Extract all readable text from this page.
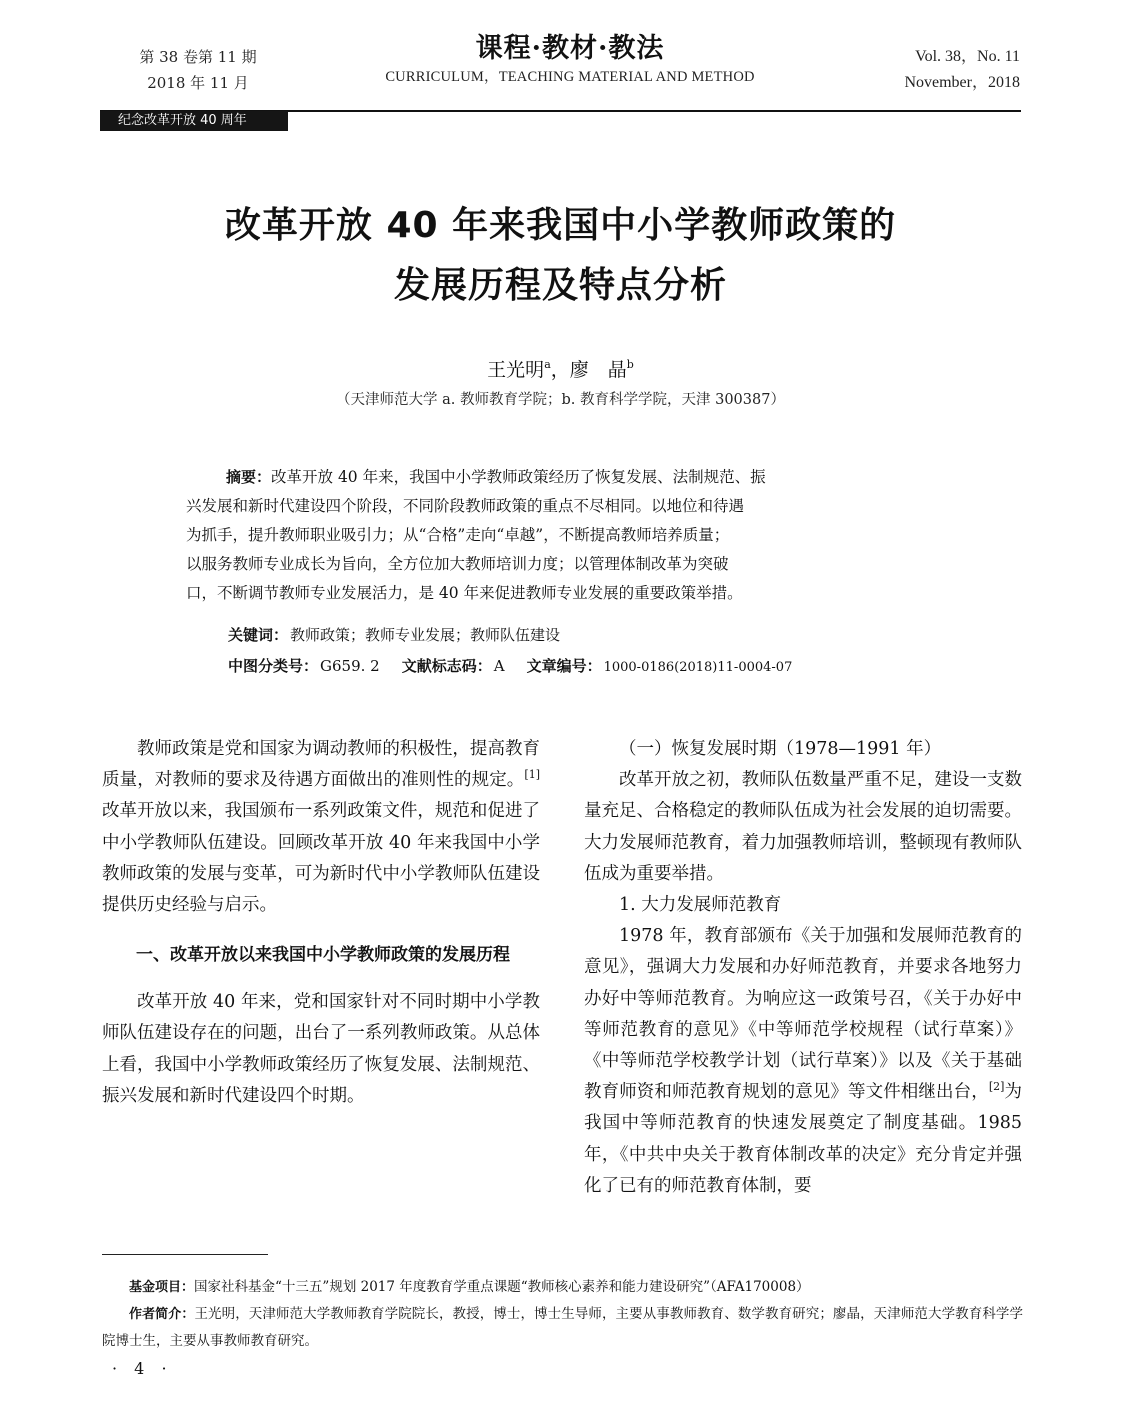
第 38 卷第 11 期
2018 年 11 月
课程·教材·教法
CURRICULUM，TEACHING MATERIAL AND METHOD
Vol. 38，No. 11
November，2018
纪念改革开放 40 周年
改革开放 40 年来我国中小学教师政策的
发展历程及特点分析
王光明$^a$，廖　晶$^b$
（天津师范大学 a. 教师教育学院；b. 教育科学学院，天津 300387）
摘要：改革开放 40 年来，我国中小学教师政策经历了恢复发展、法制规范、振
兴发展和新时代建设四个阶段，不同阶段教师政策的重点不尽相同。以地位和待遇
为抓手，提升教师职业吸引力；从“合格”走向“卓越”，不断提高教师培养质量；
以服务教师专业成长为旨向，全方位加大教师培训力度；以管理体制改革为突破
口，不断调节教师专业发展活力，是 40 年来促进教师专业发展的重要政策举措。
关键词： 教师政策；教师专业发展；教师队伍建设
中图分类号： G659. 2 文献标志码： A 文章编号： 1000-0186(2018)11-0004-07

教师政策是党和国家为调动教师的积极性，提高教育质量，对教师的要求及待遇方面做出的准则性的规定。[1]改革开放以来，我国颁布一系列政策文件，规范和促进了中小学教师队伍建设。回顾改革开放 40 年来我国中小学教师政策的发展与变革，可为新时代中小学教师队伍建设提供历史经验与启示。

一、改革开放以来我国中小学教师政策的发展历程

改革开放 40 年来，党和国家针对不同时期中小学教师队伍建设存在的问题，出台了一系列教师政策。从总体上看，我国中小学教师政策经历了恢复发展、法制规范、振兴发展和新时代建设四个时期。

（一）恢复发展时期（1978—1991 年）

改革开放之初，教师队伍数量严重不足，建设一支数量充足、合格稳定的教师队伍成为社会发展的迫切需要。大力发展师范教育，着力加强教师培训，整顿现有教师队伍成为重要举措。

1. 大力发展师范教育

1978 年，教育部颁布《关于加强和发展师范教育的意见》，强调大力发展和办好师范教育，并要求各地努力办好中等师范教育。为响应这一政策号召，《关于办好中等师范教育的意见》《中等师范学校规程（试行草案）》《中等师范学校教学计划（试行草案）》以及《关于基础教育师资和师范教育规划的意见》等文件相继出台，[2]为我国中等师范教育的快速发展奠定了制度基础。1985 年，《中共中央关于教育体制改革的决定》充分肯定并强化了已有的师范教育体制，要

基金项目：国家社科基金“十三五”规划 2017 年度教育学重点课题“教师核心素养和能力建设研究”（AFA170008）

作者简介：王光明，天津师范大学教师教育学院院长，教授，博士，博士生导师，主要从事教师教育、数学教育研究；廖晶，天津师范大学教育科学学院博士生，主要从事教师教育研究。

· 4 ·
